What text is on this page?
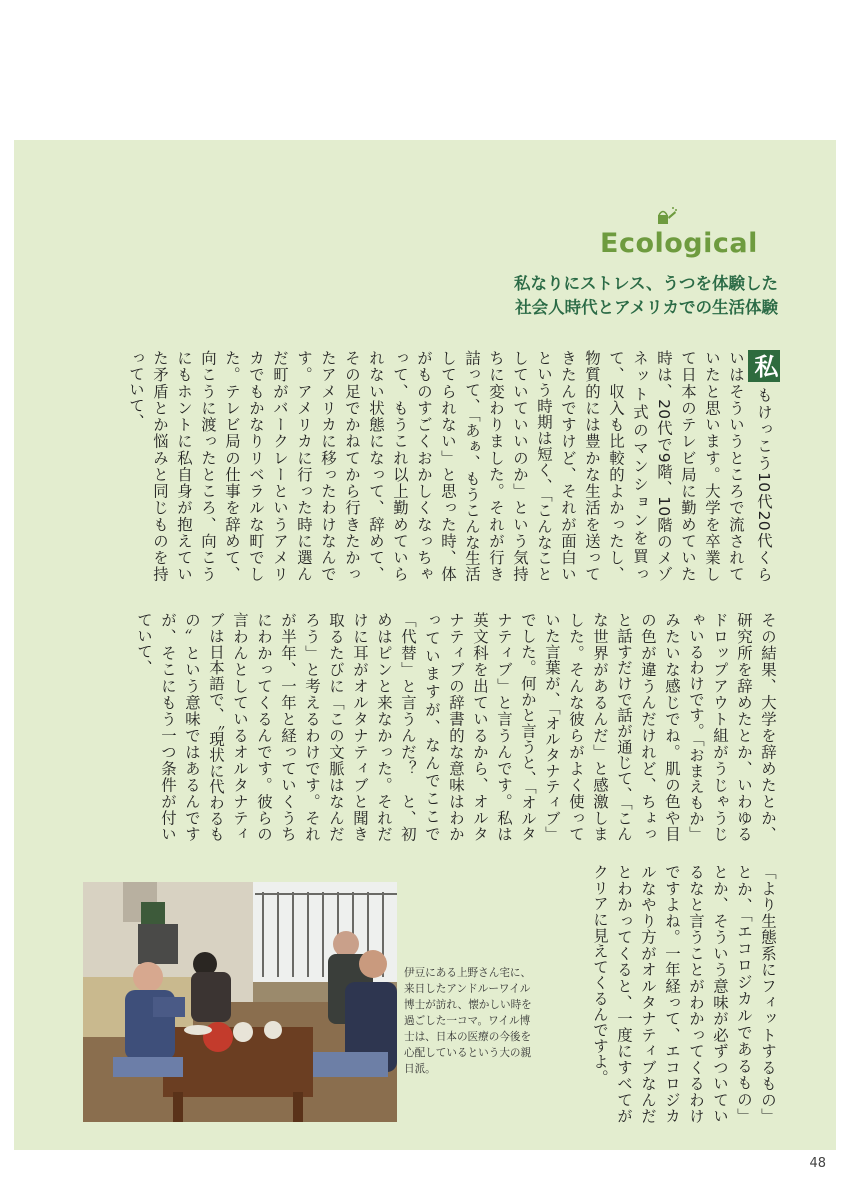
Ecological
私なりにストレス、うつを体験した
社会人時代とアメリカでの生活体験
私もけっこう10代20代くらいはそういうところで流されていたと思います。大学を卒業して日本のテレビ局に勤めていた時は、20代で9階、10階のメゾネット式のマンションを買って、収入も比較的よかったし、物質的には豊かな生活を送ってきたんですけど、それが面白いという時期は短く、「こんなことしていていいのか」という気持ちに変わりました。それが行き詰って、「あぁ、もうこんな生活してられない」と思った時、体がものすごくおかしくなっちゃって、もうこれ以上勤めていられない状態になって、辞めて、その足でかねてから行きたかったアメリカに移ったわけなんです。アメリカに行った時に選んだ町がバークレーというアメリカでもかなりリベラルな町でした。テレビ局の仕事を辞めて、向こうに渡ったところ、向こうにもホントに私自身が抱えていた矛盾とか悩みと同じものを持っていて、
その結果、大学を辞めたとか、研究所を辞めたとか、いわゆるドロップアウト組がうじゃうじゃいるわけです。「おまえもか」みたいな感じでね。肌の色や目の色が違うんだけれど、ちょっと話すだけで話が通じて、「こんな世界があるんだ」と感激しました。そんな彼らがよく使っていた言葉が、「オルタナティブ」でした。何かと言うと、「オルタナティブ」と言うんです。私は英文科を出ているから、オルタナティブの辞書的な意味はわかっていますが、なんでここで「代替」と言うんだ？　と、初めはピンと来なかった。それだけに耳がオルタナティブと聞き取るたびに「この文脈はなんだろう」と考えるわけです。それが半年、一年と経っていくうちにわかってくるんです。彼らの言わんとしているオルタナティブは日本語で、〝現状に代わるもの〟という意味ではあるんですが、そこにもう一つ条件が付いていて、
「より生態系にフィットするもの」とか、「エコロジカルであるもの」とか、そういう意味が必ずついているなと言うことがわかってくるわけですよね。一年経って、エコロジカルなやり方がオルタナティブなんだとわかってくると、一度にすべてがクリアに見えてくるんですよ。
伊豆にある上野さん宅に、来日したアンドルーワイル博士が訪れ、懐かしい時を過ごした一コマ。ワイル博士は、日本の医療の今後を心配しているという大の親日派。
48
